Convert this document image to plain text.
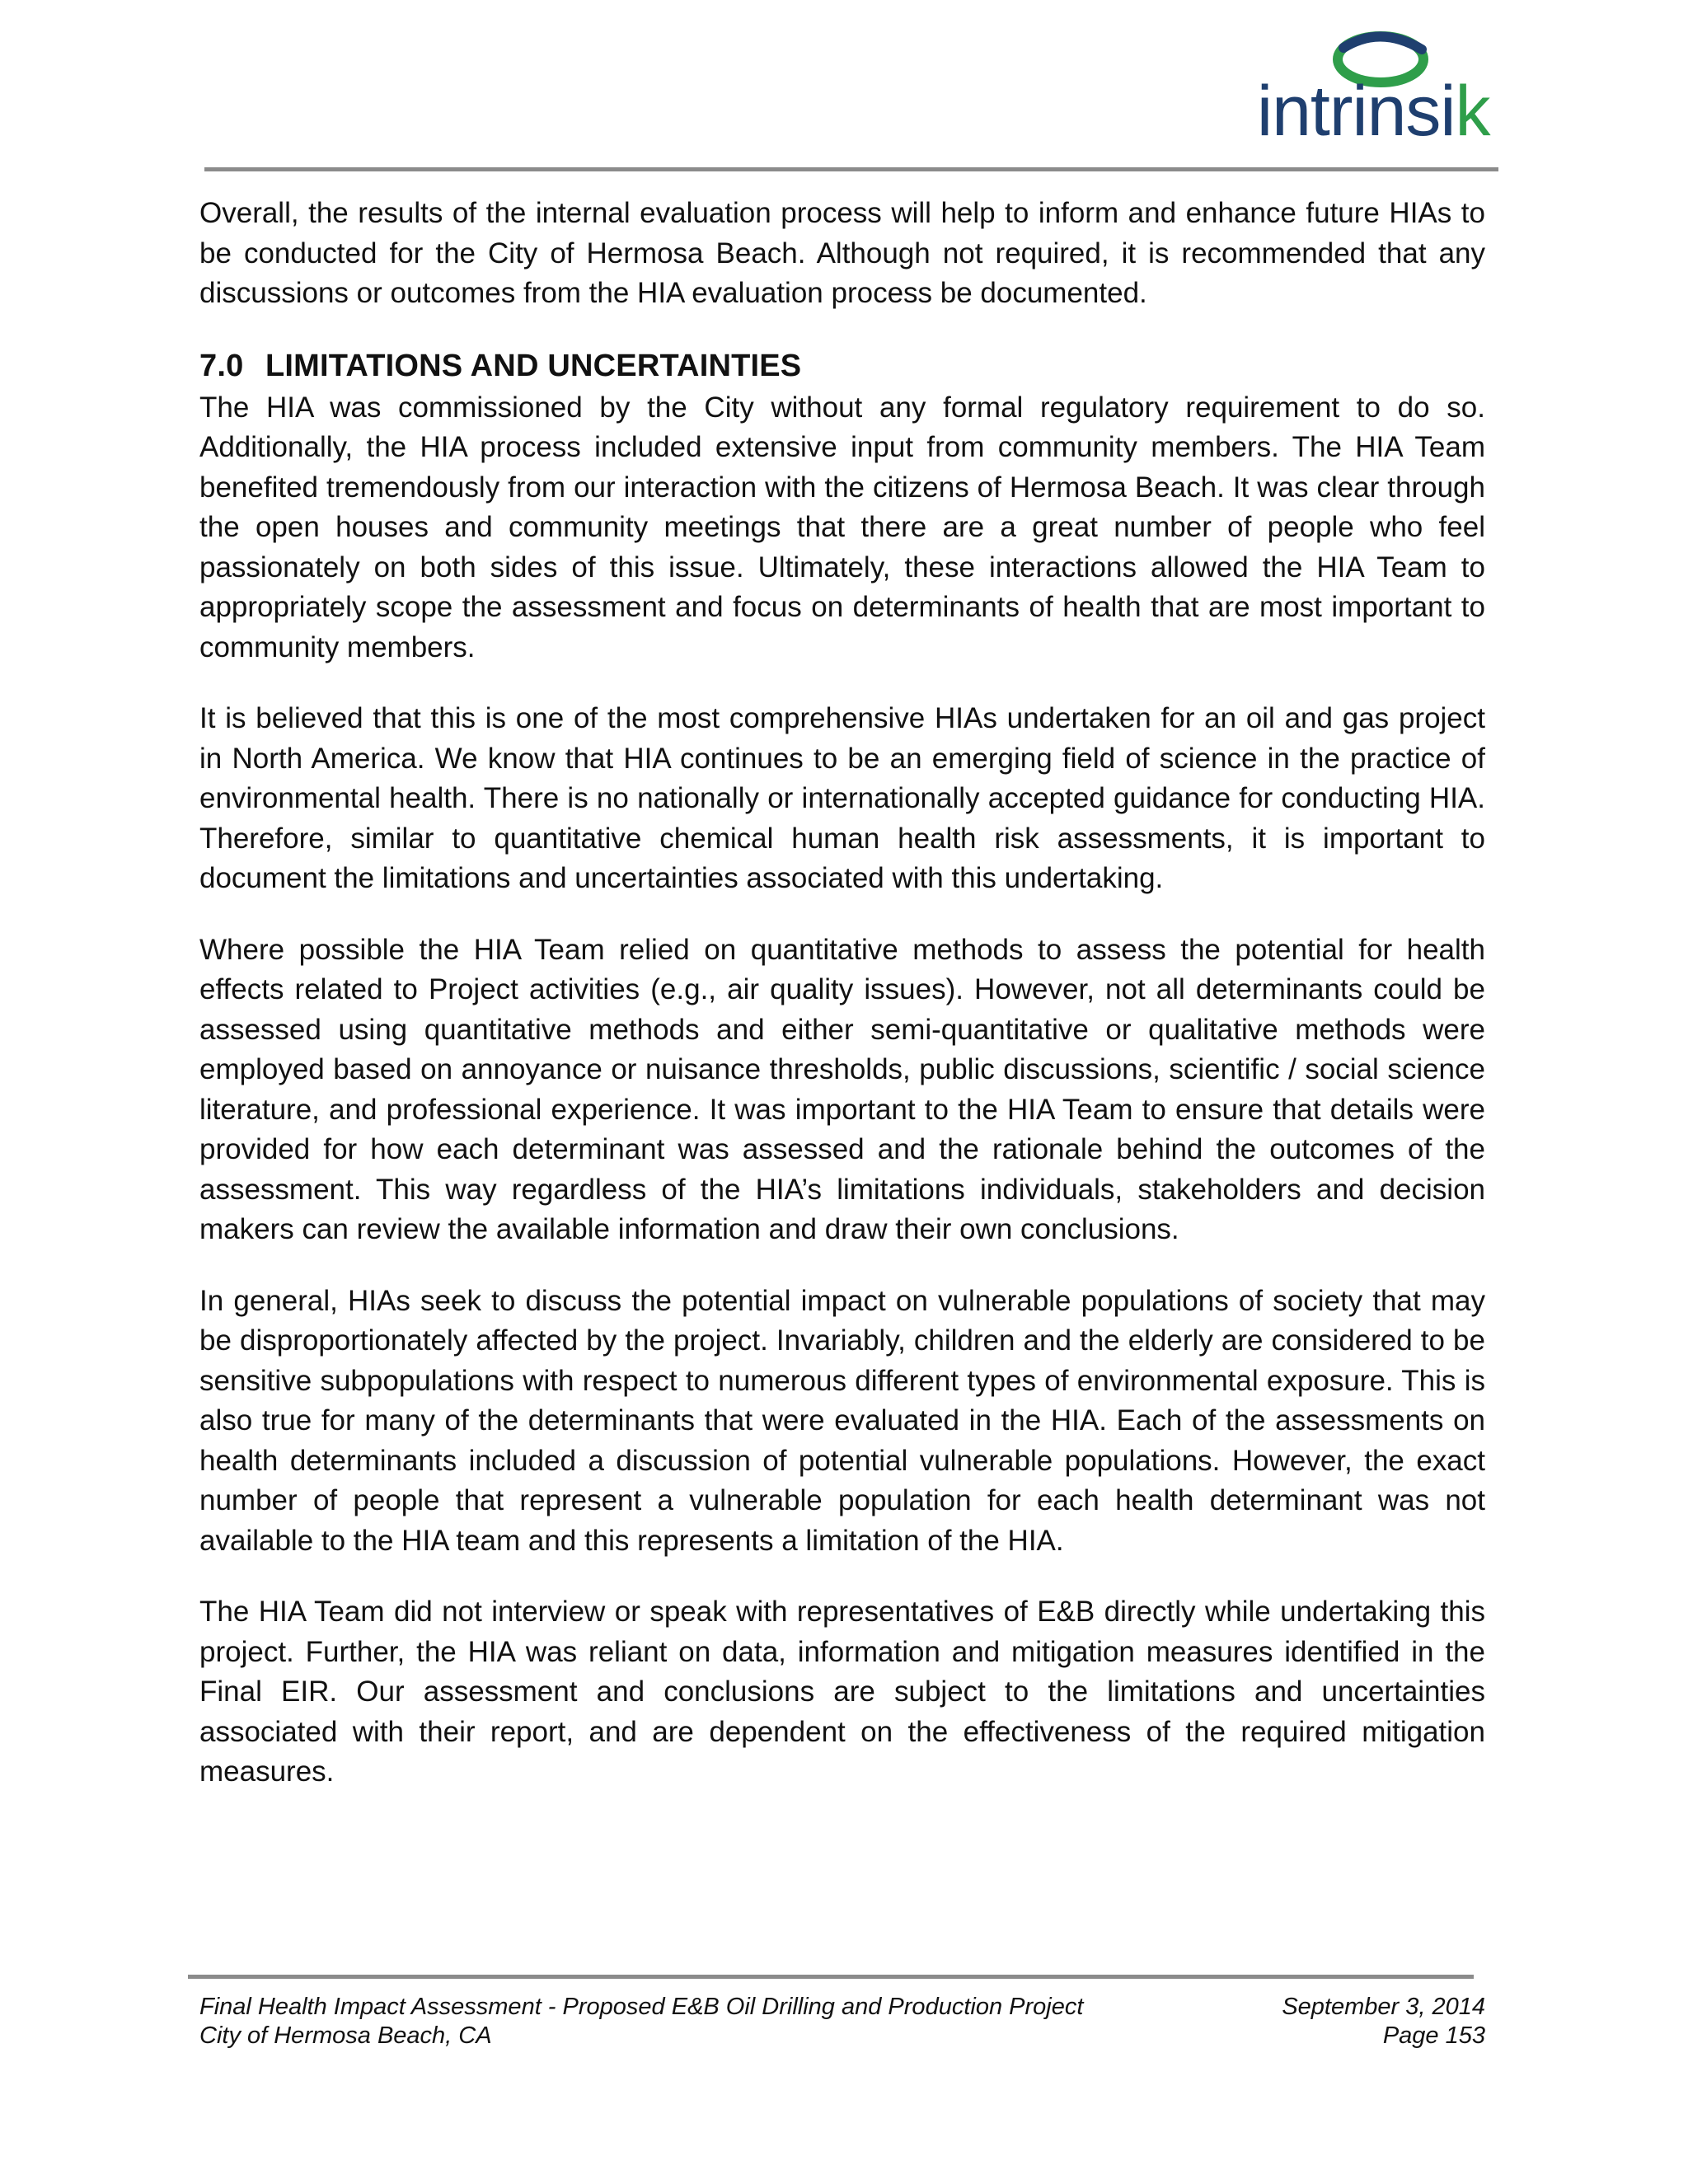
intrinsik

Overall, the results of the internal evaluation process will help to inform and enhance future HIAs to be conducted for the City of Hermosa Beach. Although not required, it is recommended that any discussions or outcomes from the HIA evaluation process be documented.

7.0 LIMITATIONS AND UNCERTAINTIES

The HIA was commissioned by the City without any formal regulatory requirement to do so. Additionally, the HIA process included extensive input from community members. The HIA Team benefited tremendously from our interaction with the citizens of Hermosa Beach. It was clear through the open houses and community meetings that there are a great number of people who feel passionately on both sides of this issue. Ultimately, these interactions allowed the HIA Team to appropriately scope the assessment and focus on determinants of health that are most important to community members.

It is believed that this is one of the most comprehensive HIAs undertaken for an oil and gas project in North America. We know that HIA continues to be an emerging field of science in the practice of environmental health. There is no nationally or internationally accepted guidance for conducting HIA. Therefore, similar to quantitative chemical human health risk assessments, it is important to document the limitations and uncertainties associated with this undertaking.

Where possible the HIA Team relied on quantitative methods to assess the potential for health effects related to Project activities (e.g., air quality issues). However, not all determinants could be assessed using quantitative methods and either semi-quantitative or qualitative methods were employed based on annoyance or nuisance thresholds, public discussions, scientific / social science literature, and professional experience. It was important to the HIA Team to ensure that details were provided for how each determinant was assessed and the rationale behind the outcomes of the assessment. This way regardless of the HIA’s limitations individuals, stakeholders and decision makers can review the available information and draw their own conclusions.

In general, HIAs seek to discuss the potential impact on vulnerable populations of society that may be disproportionately affected by the project. Invariably, children and the elderly are considered to be sensitive subpopulations with respect to numerous different types of environmental exposure. This is also true for many of the determinants that were evaluated in the HIA. Each of the assessments on health determinants included a discussion of potential vulnerable populations. However, the exact number of people that represent a vulnerable population for each health determinant was not available to the HIA team and this represents a limitation of the HIA.

The HIA Team did not interview or speak with representatives of E&B directly while undertaking this project. Further, the HIA was reliant on data, information and mitigation measures identified in the Final EIR. Our assessment and conclusions are subject to the limitations and uncertainties associated with their report, and are dependent on the effectiveness of the required mitigation measures.

Final Health Impact Assessment - Proposed E&B Oil Drilling and Production Project	September 3, 2014
City of Hermosa Beach, CA	Page 153
